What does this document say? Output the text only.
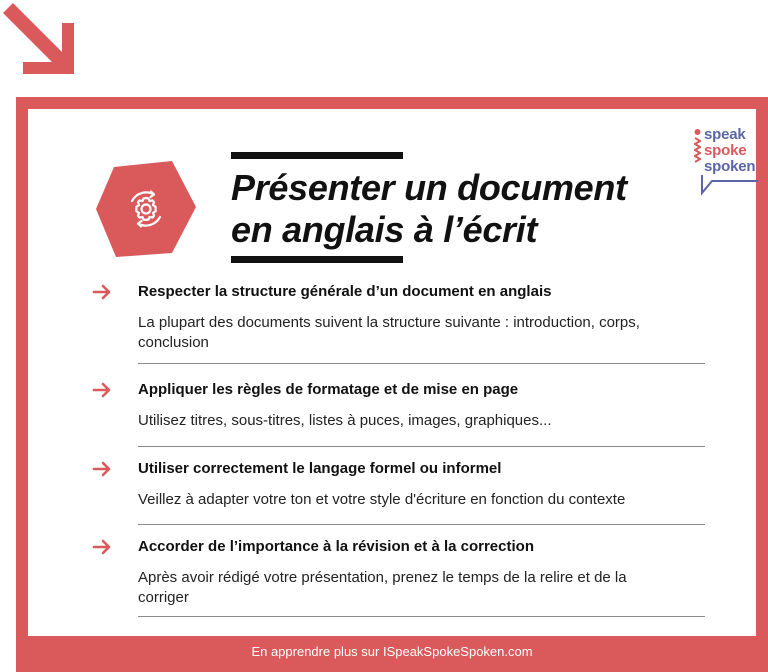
Présenter un document
en anglais à l’écrit
speak
spoke
spoken
Respecter la structure générale d’un document en anglais
La plupart des documents suivent la structure suivante : introduction, corps,
conclusion
Appliquer les règles de formatage et de mise en page
Utilisez titres, sous-titres, listes à puces, images, graphiques...
Utiliser correctement le langage formel ou informel
Veillez à adapter votre ton et votre style d'écriture en fonction du contexte
Accorder de l’importance à la révision et à la correction
Après avoir rédigé votre présentation, prenez le temps de la relire et de la
corriger
En apprendre plus sur ISpeakSpokeSpoken.com
